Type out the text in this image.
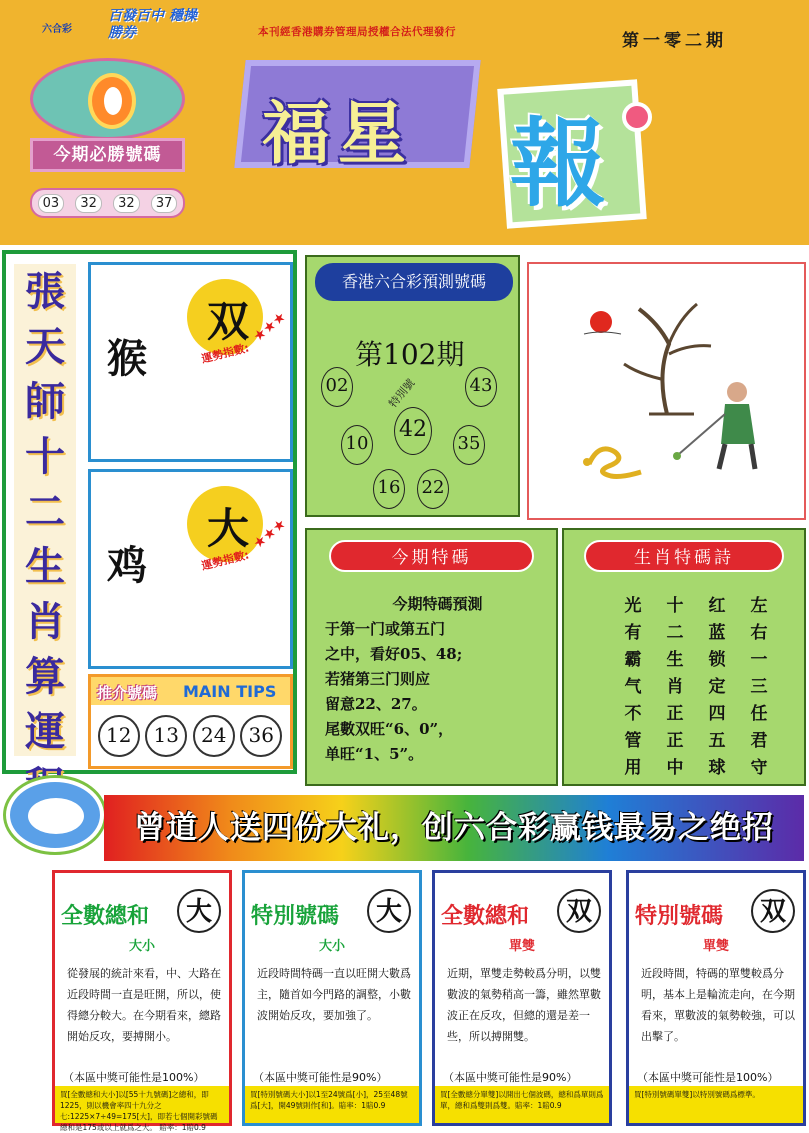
六合彩
百發百中 穩操勝券	本刊經香港購券管理局授權合法代理發行	第一零二期
今期必勝號碼
03	32	32	37
福星 報
張天師十二生肖算運
猴
双
運勢指數:
★★★
鸡
大
運勢指數:
★★★
推介號碼 MAIN TIPS
12	13	24	36
香港六合彩預測號碼
第102期
特別號
02	43
42
10	35
16 22
今期特碼
今期特碼預測
于第一门或第五门
之中，看好05、48;
若猪第三门则应
留意22、27。
尾數双旺“6、0”，
单旺“1、5”。
生肖特碼詩
光	十	红	左
有	二	蓝	右
霸	生	锁	一
气	肖	定	三
不	正	四	任
管	正	五	君
用	中	球	守
曾道人送四份大礼，创六合彩赢钱最易之绝招
全數總和	大
大小
從發展的統計來看，中、大路在近段時間一直是旺開，所以，使得總分較大。在今期看來，總路開始反攻，要搏開小。
（本區中獎可能性是100%）
買[全數總和大小]以[55十九號碼]之總和，即1225，則以機會率四十九分之七:1225×7÷49=175[大]，即若七個開彩號碼總和是175或以上就爲之大。 賠率：1賠0.9
特別號碼	大
大小
近段時間特碼一直以旺開大數爲主，隨首如今門路的調整，小數波開始反攻，要加強了。
（本區中獎可能性是90%）
買[特別號碼大小]以1至24號爲[小]，25至48號爲[大]，開49號則作[和]。賠率：1賠0.9
全數總和	双
單雙
近期，單雙走勢較爲分明，以雙數波的氣勢稍高一籌，雖然單數波正在反攻，但總的還是差一些，所以搏開雙。
（本區中獎可能性是90%）
買[全數總分單雙]以開出七個波碼，總和爲單則爲單，總和爲雙則爲雙。賠率：1賠0.9
特別號碼	双
單雙
近段時間，特碼的單雙較爲分明，基本上是輪流走向，在今期看來，單數波的氣勢較強，可以出擊了。
（本區中獎可能性是100%）
買[特別號碼單雙]以特別號碼爲標準。
